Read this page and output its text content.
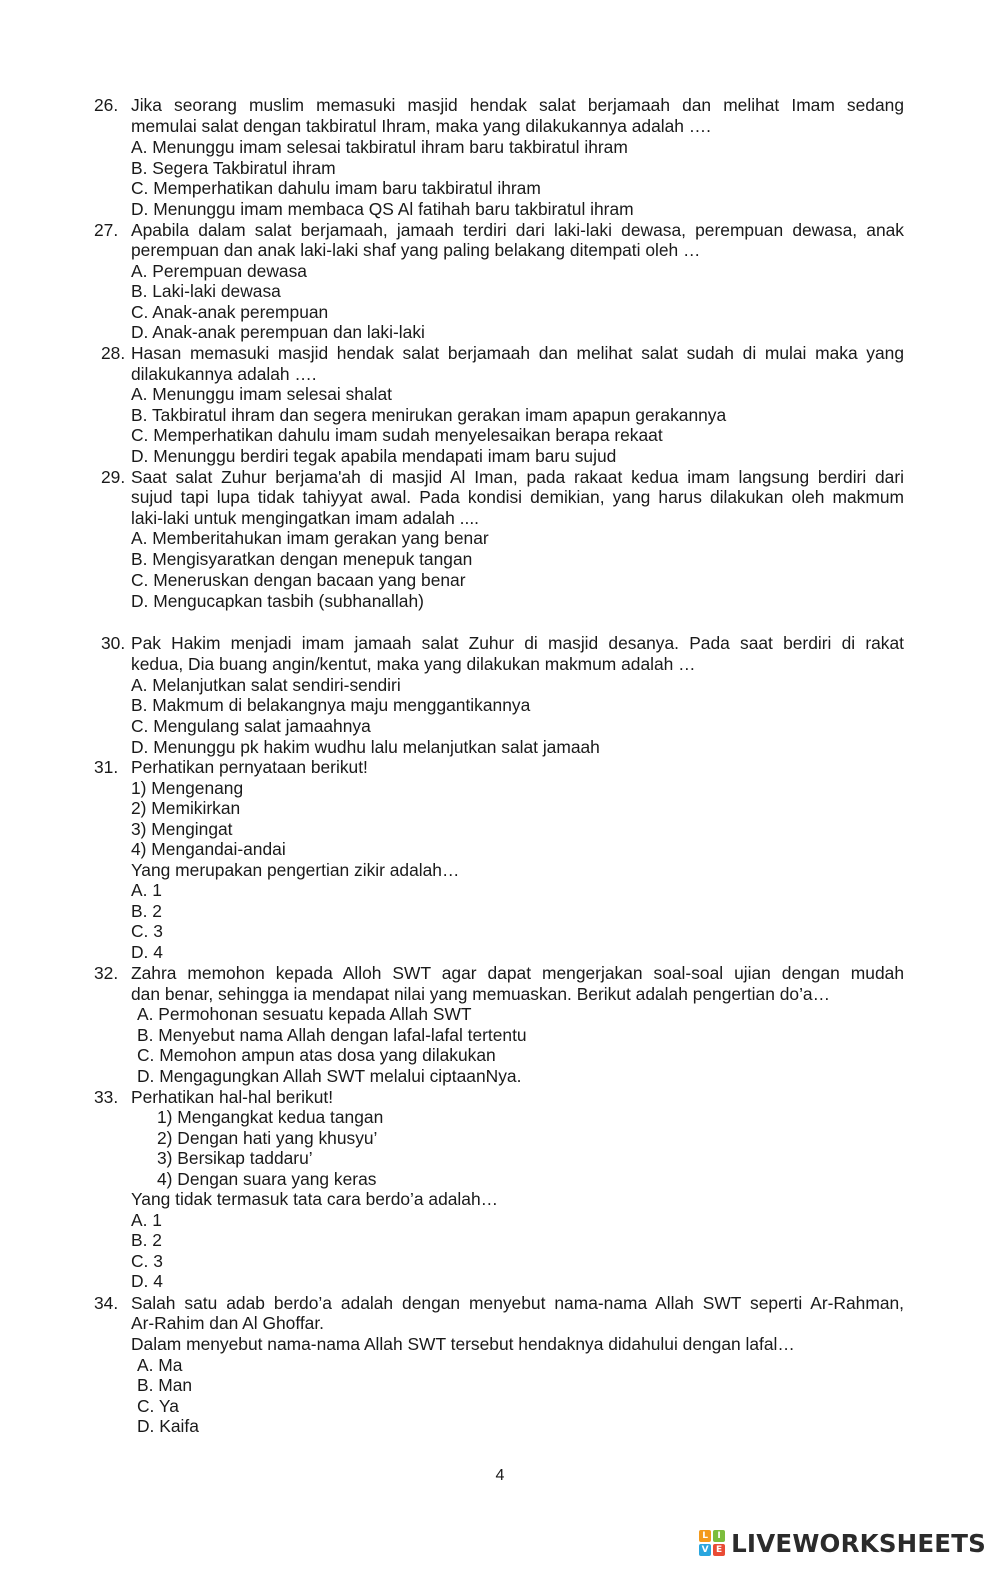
26. Jika seorang muslim memasuki masjid hendak salat berjamaah dan melihat Imam sedang
memulai salat dengan takbiratul Ihram, maka yang dilakukannya adalah ….
A. Menunggu imam selesai takbiratul ihram baru takbiratul ihram
B. Segera Takbiratul ihram
C. Memperhatikan dahulu imam baru takbiratul ihram
D. Menunggu imam membaca QS Al fatihah baru takbiratul ihram
27. Apabila dalam salat berjamaah, jamaah terdiri dari laki-laki dewasa, perempuan dewasa, anak
perempuan dan anak laki-laki shaf yang paling belakang ditempati oleh …
A. Perempuan dewasa
B. Laki-laki dewasa
C. Anak-anak perempuan
D. Anak-anak perempuan dan laki-laki
28. Hasan memasuki masjid hendak salat berjamaah dan melihat salat sudah di mulai maka yang
dilakukannya adalah ….
A. Menunggu imam selesai shalat
B. Takbiratul ihram dan segera menirukan gerakan imam apapun gerakannya
C. Memperhatikan dahulu imam sudah menyelesaikan berapa rekaat
D. Menunggu berdiri tegak apabila mendapati imam baru sujud
29. Saat salat Zuhur berjama'ah di masjid Al Iman, pada rakaat kedua imam langsung berdiri dari
sujud tapi lupa tidak tahiyyat awal. Pada kondisi demikian, yang harus dilakukan oleh makmum
laki-laki untuk mengingatkan imam adalah ....
A. Memberitahukan imam gerakan yang benar
B. Mengisyaratkan dengan menepuk tangan
C. Meneruskan dengan bacaan yang benar
D. Mengucapkan tasbih (subhanallah)
30. Pak Hakim menjadi imam jamaah salat Zuhur di masjid desanya. Pada saat berdiri di rakat
kedua, Dia buang angin/kentut, maka yang dilakukan makmum adalah …
A. Melanjutkan salat sendiri-sendiri
B. Makmum di belakangnya maju menggantikannya
C. Mengulang salat jamaahnya
D. Menunggu pk hakim wudhu lalu melanjutkan salat jamaah
31. Perhatikan pernyataan berikut!
1) Mengenang
2) Memikirkan
3) Mengingat
4) Mengandai-andai
Yang merupakan pengertian zikir adalah…
A. 1
B. 2
C. 3
D. 4
32. Zahra memohon kepada Alloh SWT agar dapat mengerjakan soal-soal ujian dengan mudah
dan benar, sehingga ia mendapat nilai yang memuaskan. Berikut adalah pengertian do’a…
A. Permohonan sesuatu kepada Allah SWT
B. Menyebut nama Allah dengan lafal-lafal tertentu
C. Memohon ampun atas dosa yang dilakukan
D. Mengagungkan Allah SWT melalui ciptaanNya.
33. Perhatikan hal-hal berikut!
1) Mengangkat kedua tangan
2) Dengan hati yang khusyu’
3) Bersikap taddaru’
4) Dengan suara yang keras
Yang tidak termasuk tata cara berdo’a adalah…
A. 1
B. 2
C. 3
D. 4
34. Salah satu adab berdo’a adalah dengan menyebut nama-nama Allah SWT seperti Ar-Rahman,
Ar-Rahim dan Al Ghoffar.
Dalam menyebut nama-nama Allah SWT tersebut hendaknya didahului dengan lafal…
A. Ma
B. Man
C. Ya
D. Kaifa
4
L	I
V E LIVEWORKSHEETS
